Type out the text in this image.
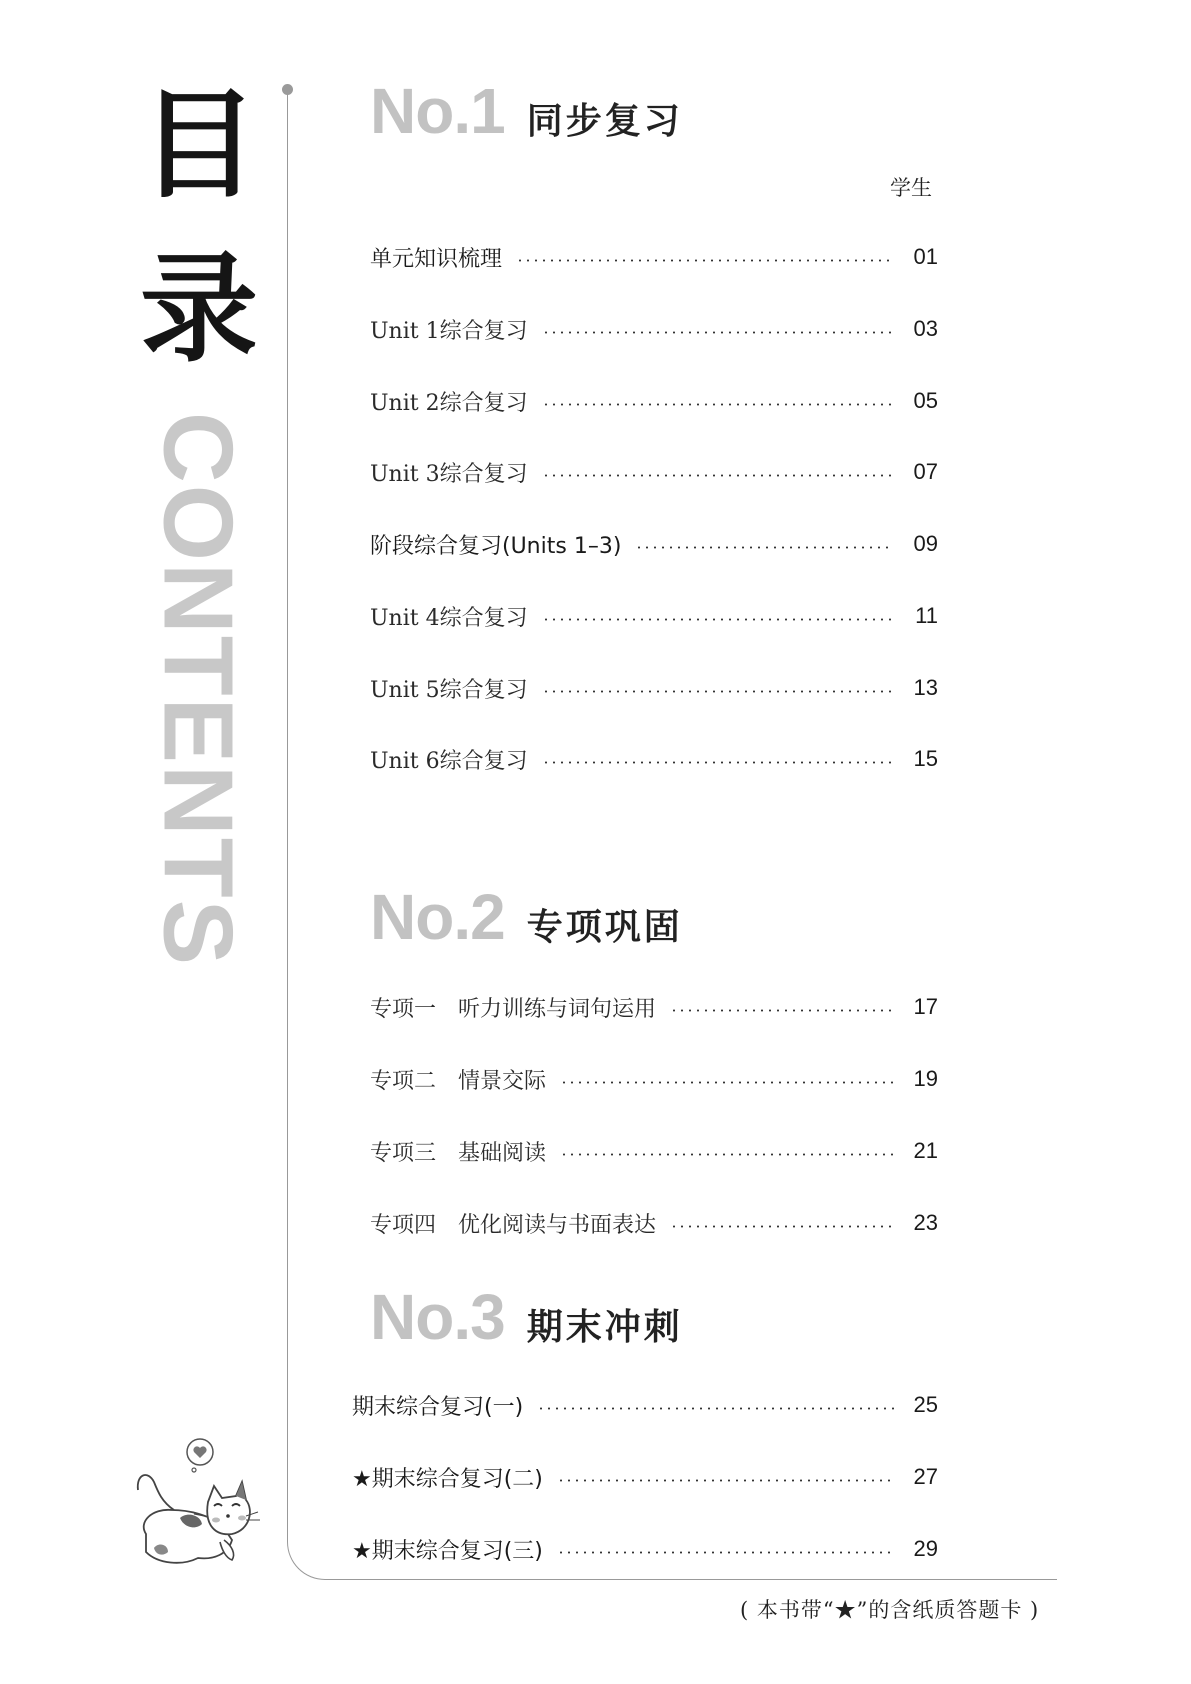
目
录
CONTENTS
No.1 同步复习
学生
单元知识梳理	01
Unit 1综合复习	03
Unit 2综合复习	05
Unit 3综合复习	07
阶段综合复习(Units 1–3)	09
Unit 4综合复习	11
Unit 5综合复习	13
Unit 6综合复习	15
No.2 专项巩固
专项一　听力训练与词句运用	17
专项二　情景交际	19
专项三　基础阅读	21
专项四　优化阅读与书面表达	23
No.3 期末冲刺
期末综合复习(一)	25
★期末综合复习(二)	27
★期末综合复习(三)	29
( 本书带“★”的含纸质答题卡 )
